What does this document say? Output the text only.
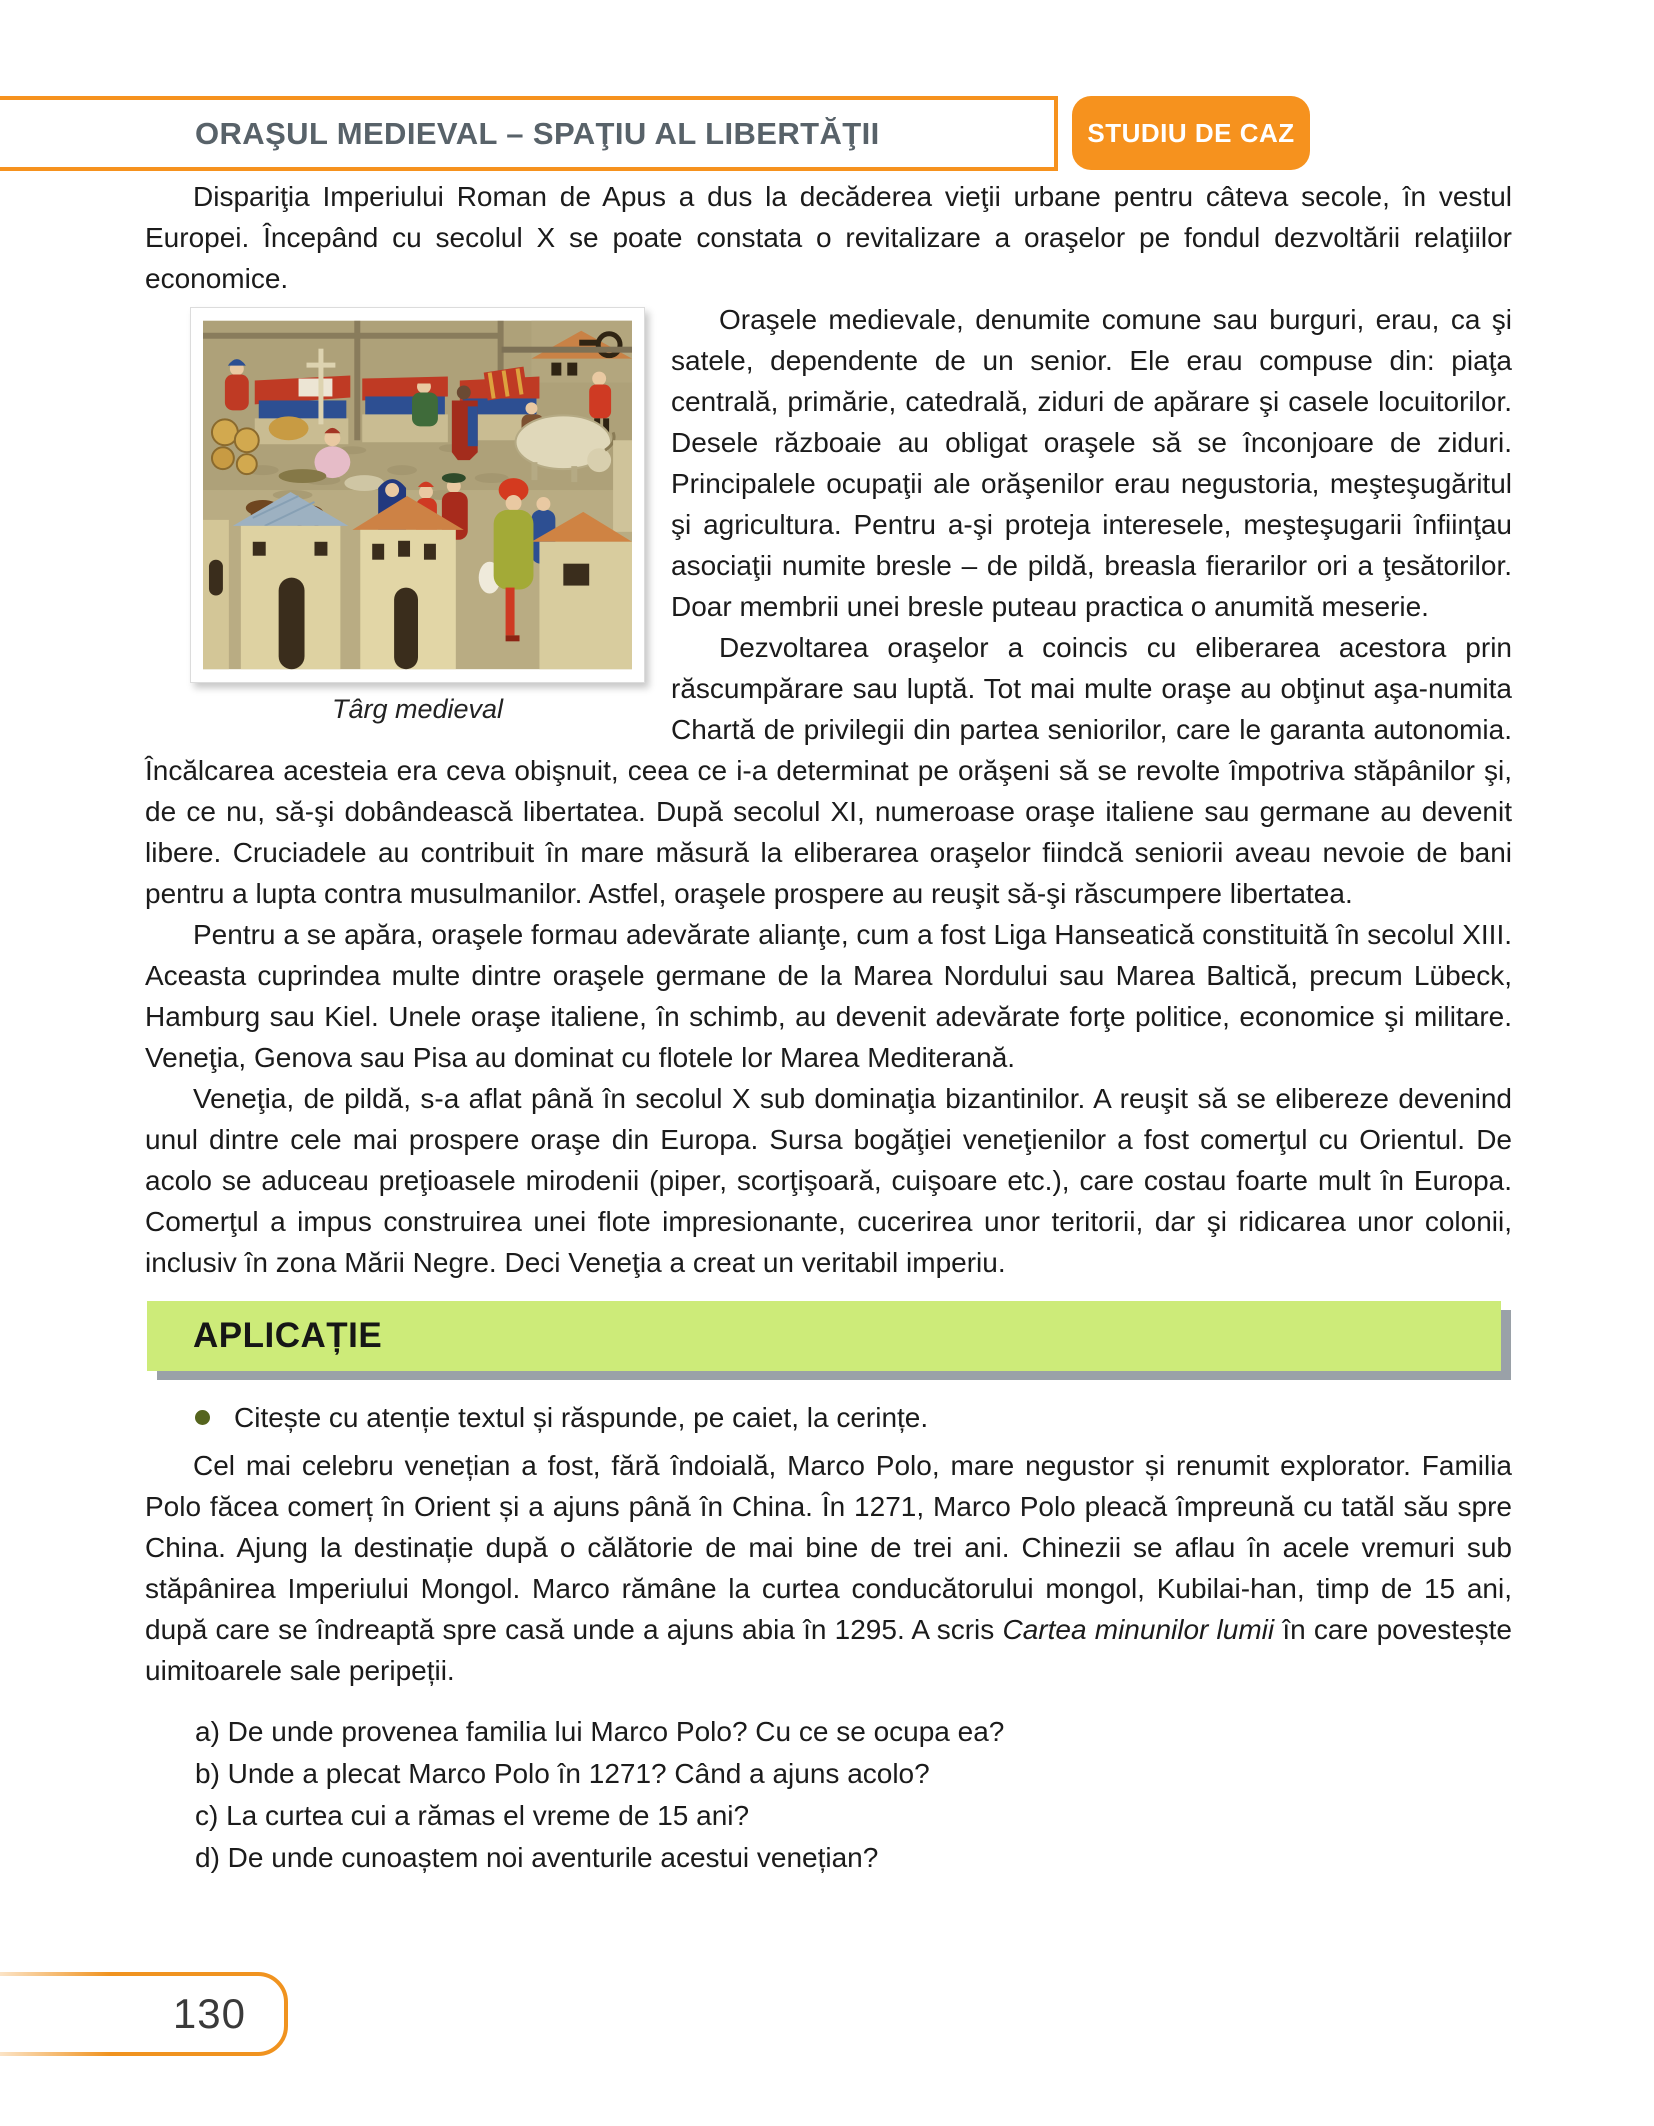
ORAŞUL MEDIEVAL – SPAŢIU AL LIBERTĂŢII	STUDIU DE CAZ

Dispariţia Imperiului Roman de Apus a dus la decăderea vieţii urbane pentru câteva secole, în vestul Europei. Începând cu secolul X se poate constata o revitalizare a oraşelor pe fondul dezvoltării relaţiilor economice.

Târg medieval

Oraşele medievale, denumite comune sau burguri, erau, ca şi satele, dependente de un senior. Ele erau compuse din: piaţa centrală, primărie, catedrală, ziduri de apărare şi casele locuitorilor. Desele războaie au obligat oraşele să se înconjoare de ziduri. Principalele ocupaţii ale orăşenilor erau negustoria, meşteşugăritul şi agricultura. Pentru a-şi proteja interesele, meşteşugarii înfiinţau asociaţii numite bresle – de pildă, breasla fierarilor ori a ţesătorilor. Doar membrii unei bresle puteau practica o anumită meserie.

Dezvoltarea oraşelor a coincis cu eliberarea acestora prin răscumpărare sau luptă. Tot mai multe oraşe au obţinut aşa-numita Chartă de privilegii din partea seniorilor, care le garanta autonomia. Încălcarea acesteia era ceva obişnuit, ceea ce i-a determinat pe orăşeni să se revolte împotriva stăpânilor şi, de ce nu, să-şi dobândească libertatea. După secolul XI, numeroase oraşe italiene sau germane au devenit libere. Cruciadele au contribuit în mare măsură la eliberarea oraşelor fiindcă seniorii aveau nevoie de bani pentru a lupta contra musulmanilor. Astfel, oraşele prospere au reuşit să-şi răscumpere libertatea.

Pentru a se apăra, oraşele formau adevărate alianţe, cum a fost Liga Hanseatică constituită în secolul XIII. Aceasta cuprindea multe dintre oraşele germane de la Marea Nordului sau Marea Baltică, precum Lübeck, Hamburg sau Kiel. Unele oraşe italiene, în schimb, au devenit adevărate forţe politice, economice şi militare. Veneţia, Genova sau Pisa au dominat cu flotele lor Marea Mediterană.

Veneţia, de pildă, s-a aflat până în secolul X sub dominaţia bizantinilor. A reuşit să se elibereze devenind unul dintre cele mai prospere oraşe din Europa. Sursa bogăţiei veneţienilor a fost comerţul cu Orientul. De acolo se aduceau preţioasele mirodenii (piper, scorţişoară, cuişoare etc.), care costau foarte mult în Europa. Comerţul a impus construirea unei flote impresionante, cucerirea unor teritorii, dar şi ridicarea unor colonii, inclusiv în zona Mării Negre. Deci Veneţia a creat un veritabil imperiu.

APLICAȚIE
Citește cu atenție textul și răspunde, pe caiet, la cerințe.

Cel mai celebru venețian a fost, fără îndoială, Marco Polo, mare negustor și renumit explorator. Familia Polo făcea comerț în Orient și a ajuns până în China. În 1271, Marco Polo pleacă împreună cu tatăl său spre China. Ajung la destinație după o călătorie de mai bine de trei ani. Chinezii se aflau în acele vremuri sub stăpânirea Imperiului Mongol. Marco rămâne la curtea conducătorului mongol, Kubilai-han, timp de 15 ani, după care se îndreaptă spre casă unde a ajuns abia în 1295. A scris Cartea minunilor lumii în care povestește uimitoarele sale peripeții.

a) De unde provenea familia lui Marco Polo? Cu ce se ocupa ea?

b) Unde a plecat Marco Polo în 1271? Când a ajuns acolo?

c) La curtea cui a rămas el vreme de 15 ani?

d) De unde cunoaștem noi aventurile acestui venețian?

130
